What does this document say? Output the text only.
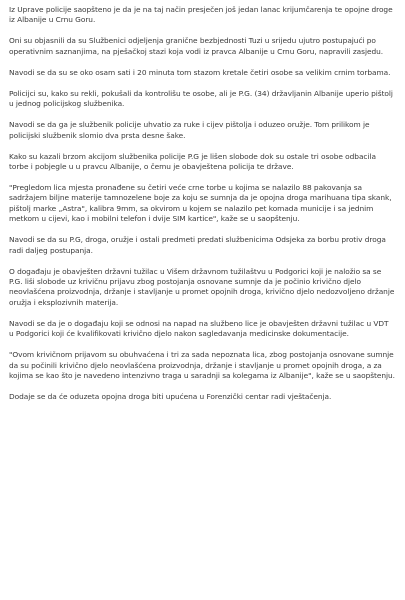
Iz Uprave policije saopšteno je da je na taj način presječen još jedan lanac krijumčarenja te opojne droge iz Albanije u Crnu Goru.

Oni su objasnili da su Službenici odjeljenja granične bezbjednosti Tuzi u srijedu ujutro postupajući po operativnim saznanjima, na pješačkoj stazi koja vodi iz pravca Albanije u Crnu Goru, napravili zasjedu.

Navodi se da su se oko osam sati i 20 minuta tom stazom kretale četiri osobe sa velikim crnim torbama.

Policijci su, kako su rekli, pokušali da kontrolišu te osobe, ali je P.G. (34) državljanin Albanije uperio pištolj u jednog policijskog službenika.

Navodi se da ga je službenik policije uhvatio za ruke i cijev pištolja i oduzeo oružje. Tom prilikom je policijski službenik slomio dva prsta desne šake.

Kako su kazali brzom akcijom službenika policije P.G je lišen slobode dok su ostale tri osobe odbacila torbe i pobjegle u u pravcu Albanije, o čemu je obavještena policija te države.

"Pregledom lica mjesta pronađene su četiri veće crne torbe u kojima se nalazilo 88 pakovanja sa sadržajem biljne materije tamnozelene boje za koju se sumnja da je opojna droga marihuana tipa skank, pištolj marke „Astra", kalibra 9mm, sa okvirom u kojem se nalazilo pet komada municije i sa jednim metkom u cijevi, kao i mobilni telefon i dvije SIM kartice", kaže se u saopštenju.

Navodi se da su P.G, droga, oružje i ostali predmeti predati službenicima Odsjeka za borbu protiv droga radi daljeg postupanja.

O događaju je obavješten državni tužilac u Višem državnom tužilaštvu u Podgorici koji je naložio sa se P.G. liši slobode uz krivičnu prijavu zbog postojanja osnovane sumnje da je počinio krivično djelo neovlašćena proizvodnja, držanje i stavljanje u promet opojnih droga, krivično djelo nedozvoljeno držanje oružja i eksplozivnih materija.

Navodi se da je o događaju koji se odnosi na napad na službeno lice je obavješten državni tužilac u VDT u Podgorici koji će kvalifikovati krivično djelo nakon sagledavanja medicinske dokumentacije.

"Ovom krivičnom prijavom su obuhvaćena i tri za sada nepoznata lica, zbog postojanja osnovane sumnje da su počinili krivično djelo neovlašćena proizvodnja, držanje i stavljanje u promet opojnih droga, a za kojima se kao što je navedeno intenzivno traga u saradnji sa kolegama iz Albanije", kaže se u saopštenju.

Dodaje se da će oduzeta opojna droga biti upućena u Forenzički centar radi vještačenja.
